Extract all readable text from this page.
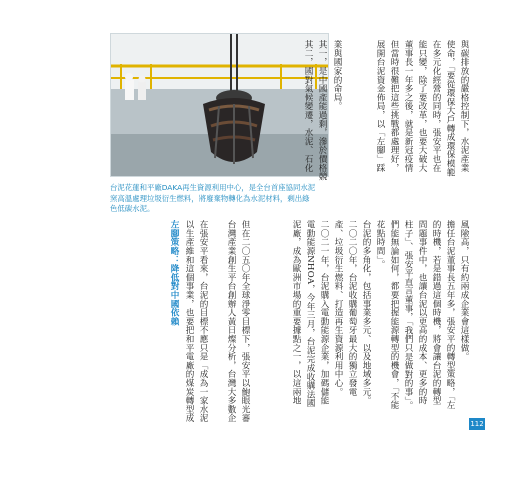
台泥花蓮和平廠DAKA再生資源利用中心，是全台首座協同水泥窯高溫處理垃圾衍生燃料，將廢棄物轉化為水泥材料，剩出綠色低碳水泥。
業與國家的命局。
其一，是中國產能過剩，滲於價格競
其二，國對氣候變遷，水泥、石化
但在二〇五〇年全球淨零目標下，張安平以鮑眼光審
台灣產業創生平台創辦人黃日燦分析，台灣大多數企
在張安平看來，台泥的目標不應只是「成為一家水泥
以生產維和這個事業，也要把和平電廠的煤炭轉型成
左腳策略：降低對中國依賴
與碳排放的嚴格控制下，水泥產業
使命，「要從環保大戶轉成環保模範
在多元化經營的同時，張安平也在
能只變，除了要改革，也要大破大
董事長一年多之後，就是新冠疫情
但當時很難把這些挑戰都處理好，
展開台泥資金佈局，以「左腳」踩
風險高，只有約兩成企業會這樣做。
擔任台泥董事長五年多，張安平的轉型策略，「左
的時機，若是錯過這個時機，將會讓台泥的轉型
問題事件中，也讓台泥以更高的成本、更多的時
柱子」、張安平直言董事，「我們只是做對的事」。
們能無論如何，都要把握能源轉型的機會，「不能
花點時間」。
台泥的多角化，包括事業多元、以及地域多元。
二〇二〇年，台泥收購葡萄牙最大的獨立發電
產、垃圾衍生燃料、打造再生資源利用中心。
二〇二一年，台泥購入電動能源企業，加碼儲能
電動能源NHOA，今年三月，台泥完成收購法國
泥廠，成為歐洲市場的重要據點之一，以這兩地
112
